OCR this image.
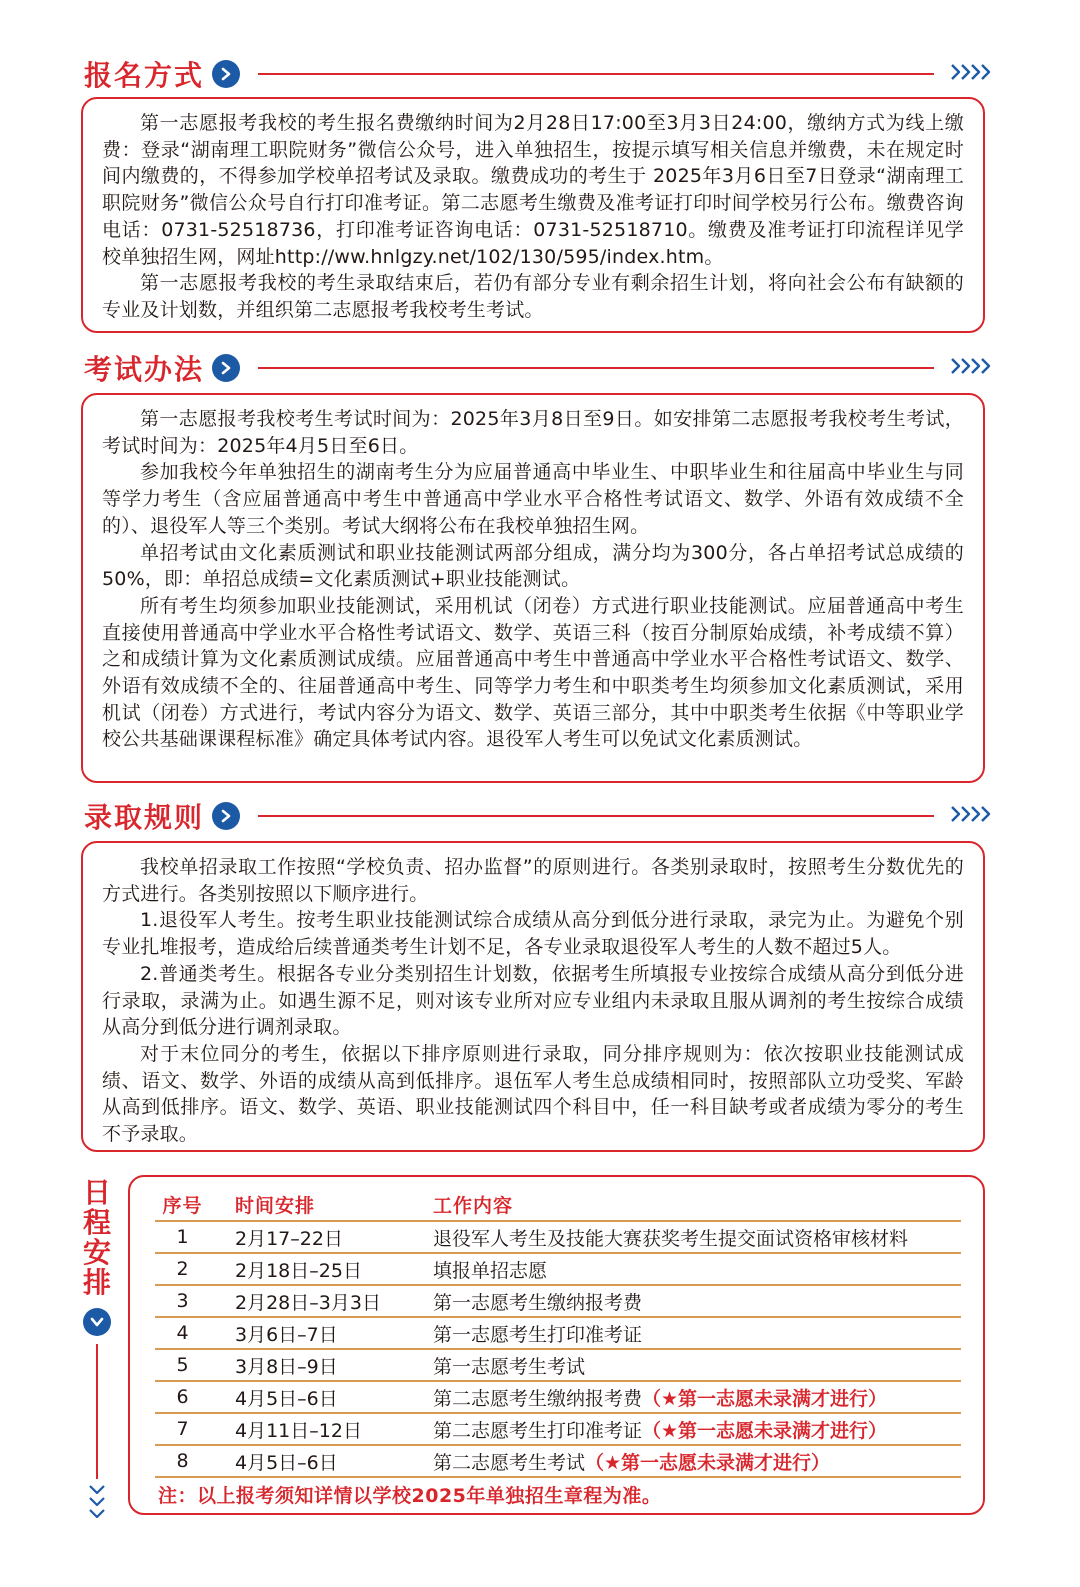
报名方式

第一志愿报考我校的考生报名费缴纳时间为2月28日17:00至3月3日24:00，缴纳方式为线上缴费：登录“湖南理工职院财务”微信公众号，进入单独招生，按提示填写相关信息并缴费，未在规定时间内缴费的，不得参加学校单招考试及录取。缴费成功的考生于 2025年3月6日至7日登录“湖南理工职院财务”微信公众号自行打印准考证。第二志愿考生缴费及准考证打印时间学校另行公布。缴费咨询电话：0731-52518736，打印准考证咨询电话：0731-52518710。缴费及准考证打印流程详见学校单独招生网，网址http://ww.hnlgzy.net/102/130/595/index.htm。

第一志愿报考我校的考生录取结束后，若仍有部分专业有剩余招生计划，将向社会公布有缺额的专业及计划数，并组织第二志愿报考我校考生考试。

考试办法

第一志愿报考我校考生考试时间为：2025年3月8日至9日。如安排第二志愿报考我校考生考试，考试时间为：2025年4月5日至6日。

参加我校今年单独招生的湖南考生分为应届普通高中毕业生、中职毕业生和往届高中毕业生与同等学力考生（含应届普通高中考生中普通高中学业水平合格性考试语文、数学、外语有效成绩不全的）、退役军人等三个类别。考试大纲将公布在我校单独招生网。

单招考试由文化素质测试和职业技能测试两部分组成，满分均为300分，各占单招考试总成绩的50%，即：单招总成绩=文化素质测试+职业技能测试。

所有考生均须参加职业技能测试，采用机试（闭卷）方式进行职业技能测试。应届普通高中考生直接使用普通高中学业水平合格性考试语文、数学、英语三科（按百分制原始成绩，补考成绩不算）之和成绩计算为文化素质测试成绩。应届普通高中考生中普通高中学业水平合格性考试语文、数学、外语有效成绩不全的、往届普通高中考生、同等学力考生和中职类考生均须参加文化素质测试，采用机试（闭卷）方式进行，考试内容分为语文、数学、英语三部分，其中中职类考生依据《中等职业学校公共基础课课程标准》确定具体考试内容。退役军人考生可以免试文化素质测试。

录取规则

我校单招录取工作按照“学校负责、招办监督”的原则进行。各类别录取时，按照考生分数优先的方式进行。各类别按照以下顺序进行。

1.退役军人考生。按考生职业技能测试综合成绩从高分到低分进行录取，录完为止。为避免个别专业扎堆报考，造成给后续普通类考生计划不足，各专业录取退役军人考生的人数不超过5人。

2.普通类考生。根据各专业分类别招生计划数，依据考生所填报专业按综合成绩从高分到低分进行录取，录满为止。如遇生源不足，则对该专业所对应专业组内未录取且服从调剂的考生按综合成绩从高分到低分进行调剂录取。

对于末位同分的考生，依据以下排序原则进行录取，同分排序规则为：依次按职业技能测试成绩、语文、数学、外语的成绩从高到低排序。退伍军人考生总成绩相同时，按照部队立功受奖、军龄从高到低排序。语文、数学、英语、职业技能测试四个科目中，任一科目缺考或者成绩为零分的考生不予录取。

日
程
安
排
序号	时间安排	工作内容
1	2月17–22日	退役军人考生及技能大赛获奖考生提交面试资格审核材料
2	2月18日–25日	填报单招志愿
3	2月28日–3月3日	第一志愿考生缴纳报考费
4	3月6日–7日	第一志愿考生打印准考证
5	3月8日–9日	第一志愿考生考试
6	4月5日–6日	第二志愿考生缴纳报考费（★第一志愿未录满才进行）
7	4月11日–12日	第二志愿考生打印准考证（★第一志愿未录满才进行）
8	4月5日–6日	第二志愿考生考试（★第一志愿未录满才进行）
注：以上报考须知详情以学校2025年单独招生章程为准。
